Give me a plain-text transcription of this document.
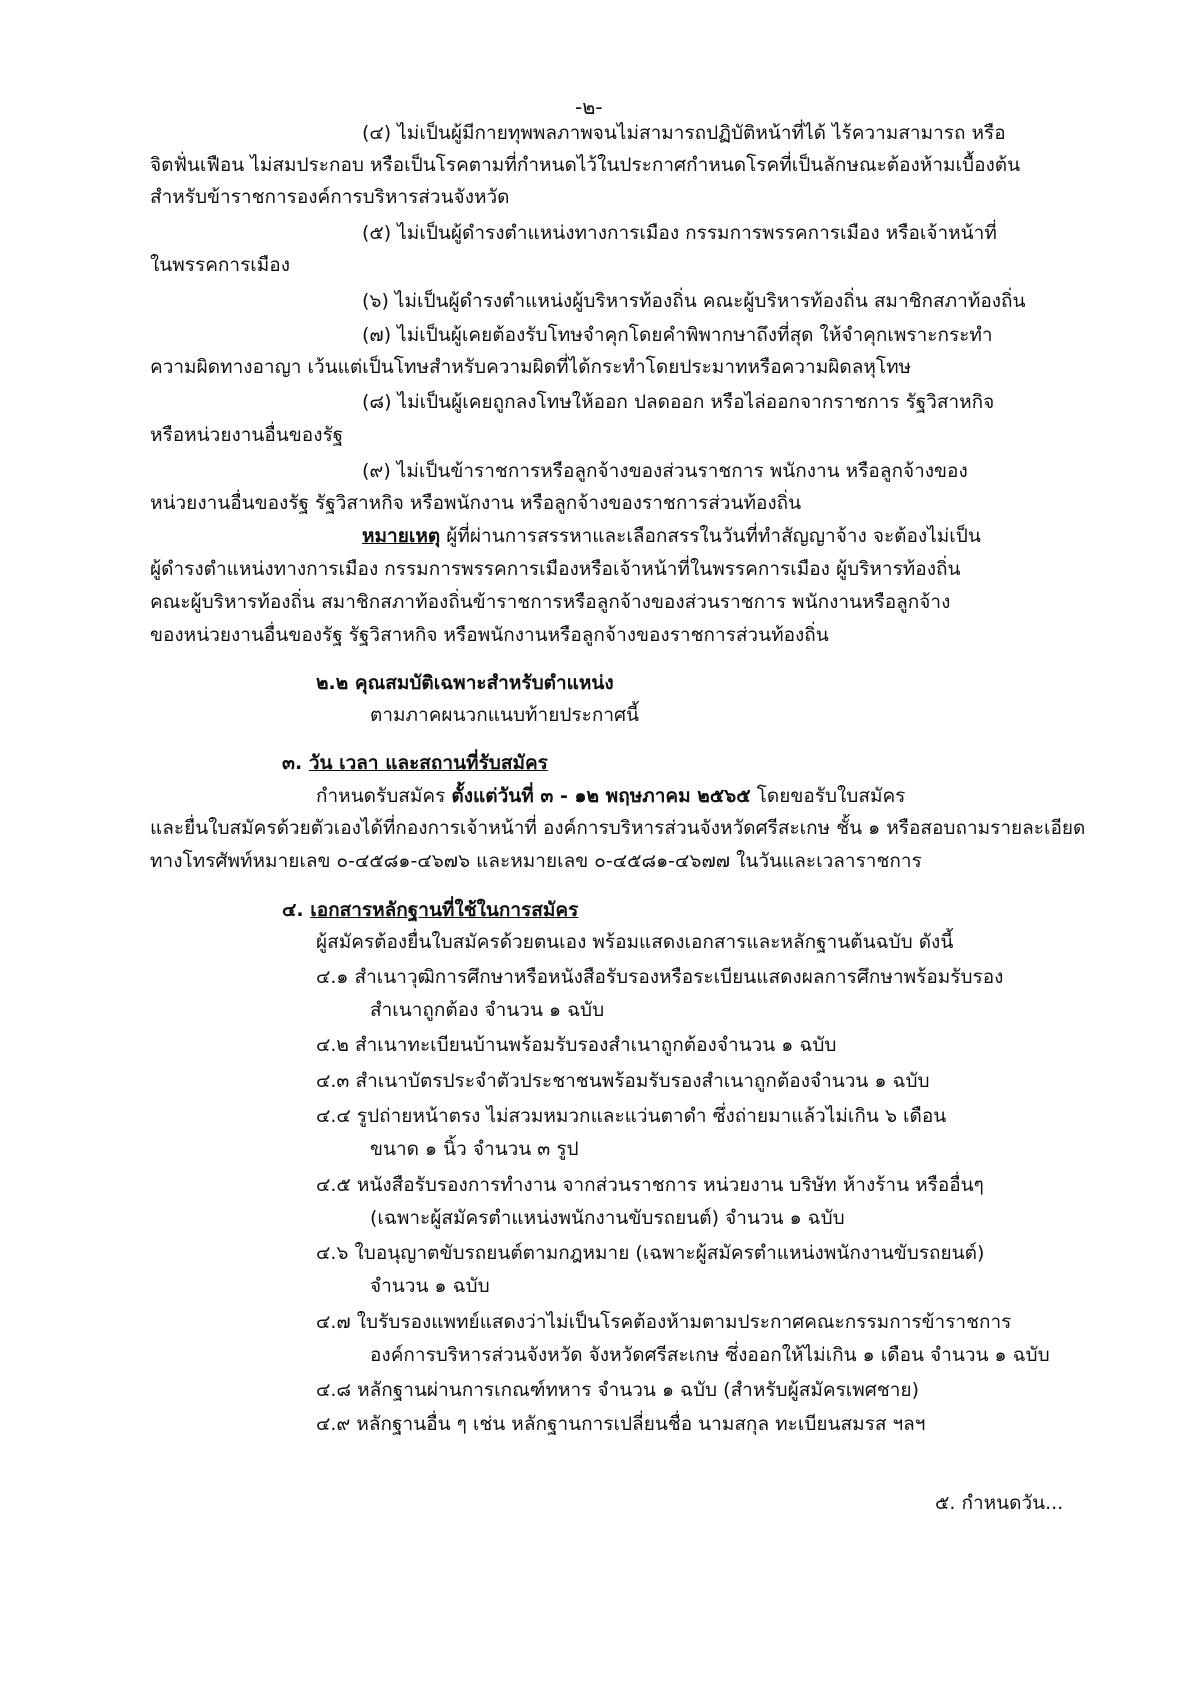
-๒-
(๔) ไม่เป็นผู้มีกายทุพพลภาพจนไม่สามารถปฏิบัติหน้าที่ได้ ไร้ความสามารถ หรือ
จิตฟั่นเฟือน ไม่สมประกอบ หรือเป็นโรคตามที่กำหนดไว้ในประกาศกำหนดโรคที่เป็นลักษณะต้องห้ามเบื้องต้น
สำหรับข้าราชการองค์การบริหารส่วนจังหวัด
(๕) ไม่เป็นผู้ดำรงตำแหน่งทางการเมือง กรรมการพรรคการเมือง หรือเจ้าหน้าที่
ในพรรคการเมือง
(๖) ไม่เป็นผู้ดำรงตำแหน่งผู้บริหารท้องถิ่น คณะผู้บริหารท้องถิ่น สมาชิกสภาท้องถิ่น
(๗) ไม่เป็นผู้เคยต้องรับโทษจำคุกโดยคำพิพากษาถึงที่สุด ให้จำคุกเพราะกระทำ
ความผิดทางอาญา เว้นแต่เป็นโทษสำหรับความผิดที่ได้กระทำโดยประมาทหรือความผิดลหุโทษ
(๘) ไม่เป็นผู้เคยถูกลงโทษให้ออก ปลดออก หรือไล่ออกจากราชการ รัฐวิสาหกิจ
หรือหน่วยงานอื่นของรัฐ
(๙) ไม่เป็นข้าราชการหรือลูกจ้างของส่วนราชการ พนักงาน หรือลูกจ้างของ
หน่วยงานอื่นของรัฐ รัฐวิสาหกิจ หรือพนักงาน หรือลูกจ้างของราชการส่วนท้องถิ่น
หมายเหตุ ผู้ที่ผ่านการสรรหาและเลือกสรรในวันที่ทำสัญญาจ้าง จะต้องไม่เป็น
ผู้ดำรงตำแหน่งทางการเมือง กรรมการพรรคการเมืองหรือเจ้าหน้าที่ในพรรคการเมือง ผู้บริหารท้องถิ่น
คณะผู้บริหารท้องถิ่น สมาชิกสภาท้องถิ่นข้าราชการหรือลูกจ้างของส่วนราชการ พนักงานหรือลูกจ้าง
ของหน่วยงานอื่นของรัฐ รัฐวิสาหกิจ หรือพนักงานหรือลูกจ้างของราชการส่วนท้องถิ่น
๒.๒ คุณสมบัติเฉพาะสำหรับตำแหน่ง
ตามภาคผนวกแนบท้ายประกาศนี้
๓. วัน เวลา และสถานที่รับสมัคร
กำหนดรับสมัคร ตั้งแต่วันที่ ๓ - ๑๒ พฤษภาคม ๒๕๖๕ โดยขอรับใบสมัคร
และยื่นใบสมัครด้วยตัวเองได้ที่กองการเจ้าหน้าที่ องค์การบริหารส่วนจังหวัดศรีสะเกษ ชั้น ๑ หรือสอบถามรายละเอียด
ทางโทรศัพท์หมายเลข ๐-๔๕๘๑-๔๖๗๖ และหมายเลข ๐-๔๕๘๑-๔๖๗๗ ในวันและเวลาราชการ
๔. เอกสารหลักฐานที่ใช้ในการสมัคร
ผู้สมัครต้องยื่นใบสมัครด้วยตนเอง พร้อมแสดงเอกสารและหลักฐานต้นฉบับ ดังนี้
๔.๑ สำเนาวุฒิการศึกษาหรือหนังสือรับรองหรือระเบียนแสดงผลการศึกษาพร้อมรับรอง
สำเนาถูกต้อง จำนวน ๑ ฉบับ
๔.๒ สำเนาทะเบียนบ้านพร้อมรับรองสำเนาถูกต้องจำนวน ๑ ฉบับ
๔.๓ สำเนาบัตรประจำตัวประชาชนพร้อมรับรองสำเนาถูกต้องจำนวน ๑ ฉบับ
๔.๔ รูปถ่ายหน้าตรง ไม่สวมหมวกและแว่นตาดำ ซึ่งถ่ายมาแล้วไม่เกิน ๖ เดือน
ขนาด ๑ นิ้ว จำนวน ๓ รูป
๔.๕ หนังสือรับรองการทำงาน จากส่วนราชการ หน่วยงาน บริษัท ห้างร้าน หรืออื่นๆ
(เฉพาะผู้สมัครตำแหน่งพนักงานขับรถยนต์) จำนวน ๑ ฉบับ
๔.๖ ใบอนุญาตขับรถยนต์ตามกฎหมาย (เฉพาะผู้สมัครตำแหน่งพนักงานขับรถยนต์)
จำนวน ๑ ฉบับ
๔.๗ ใบรับรองแพทย์แสดงว่าไม่เป็นโรคต้องห้ามตามประกาศคณะกรรมการข้าราชการ
องค์การบริหารส่วนจังหวัด จังหวัดศรีสะเกษ ซึ่งออกให้ไม่เกิน ๑ เดือน จำนวน ๑ ฉบับ
๔.๘ หลักฐานผ่านการเกณฑ์ทหาร จำนวน ๑ ฉบับ (สำหรับผู้สมัครเพศชาย)
๔.๙ หลักฐานอื่น ๆ เช่น หลักฐานการเปลี่ยนชื่อ นามสกุล ทะเบียนสมรส ฯลฯ
๕. กำหนดวัน...
